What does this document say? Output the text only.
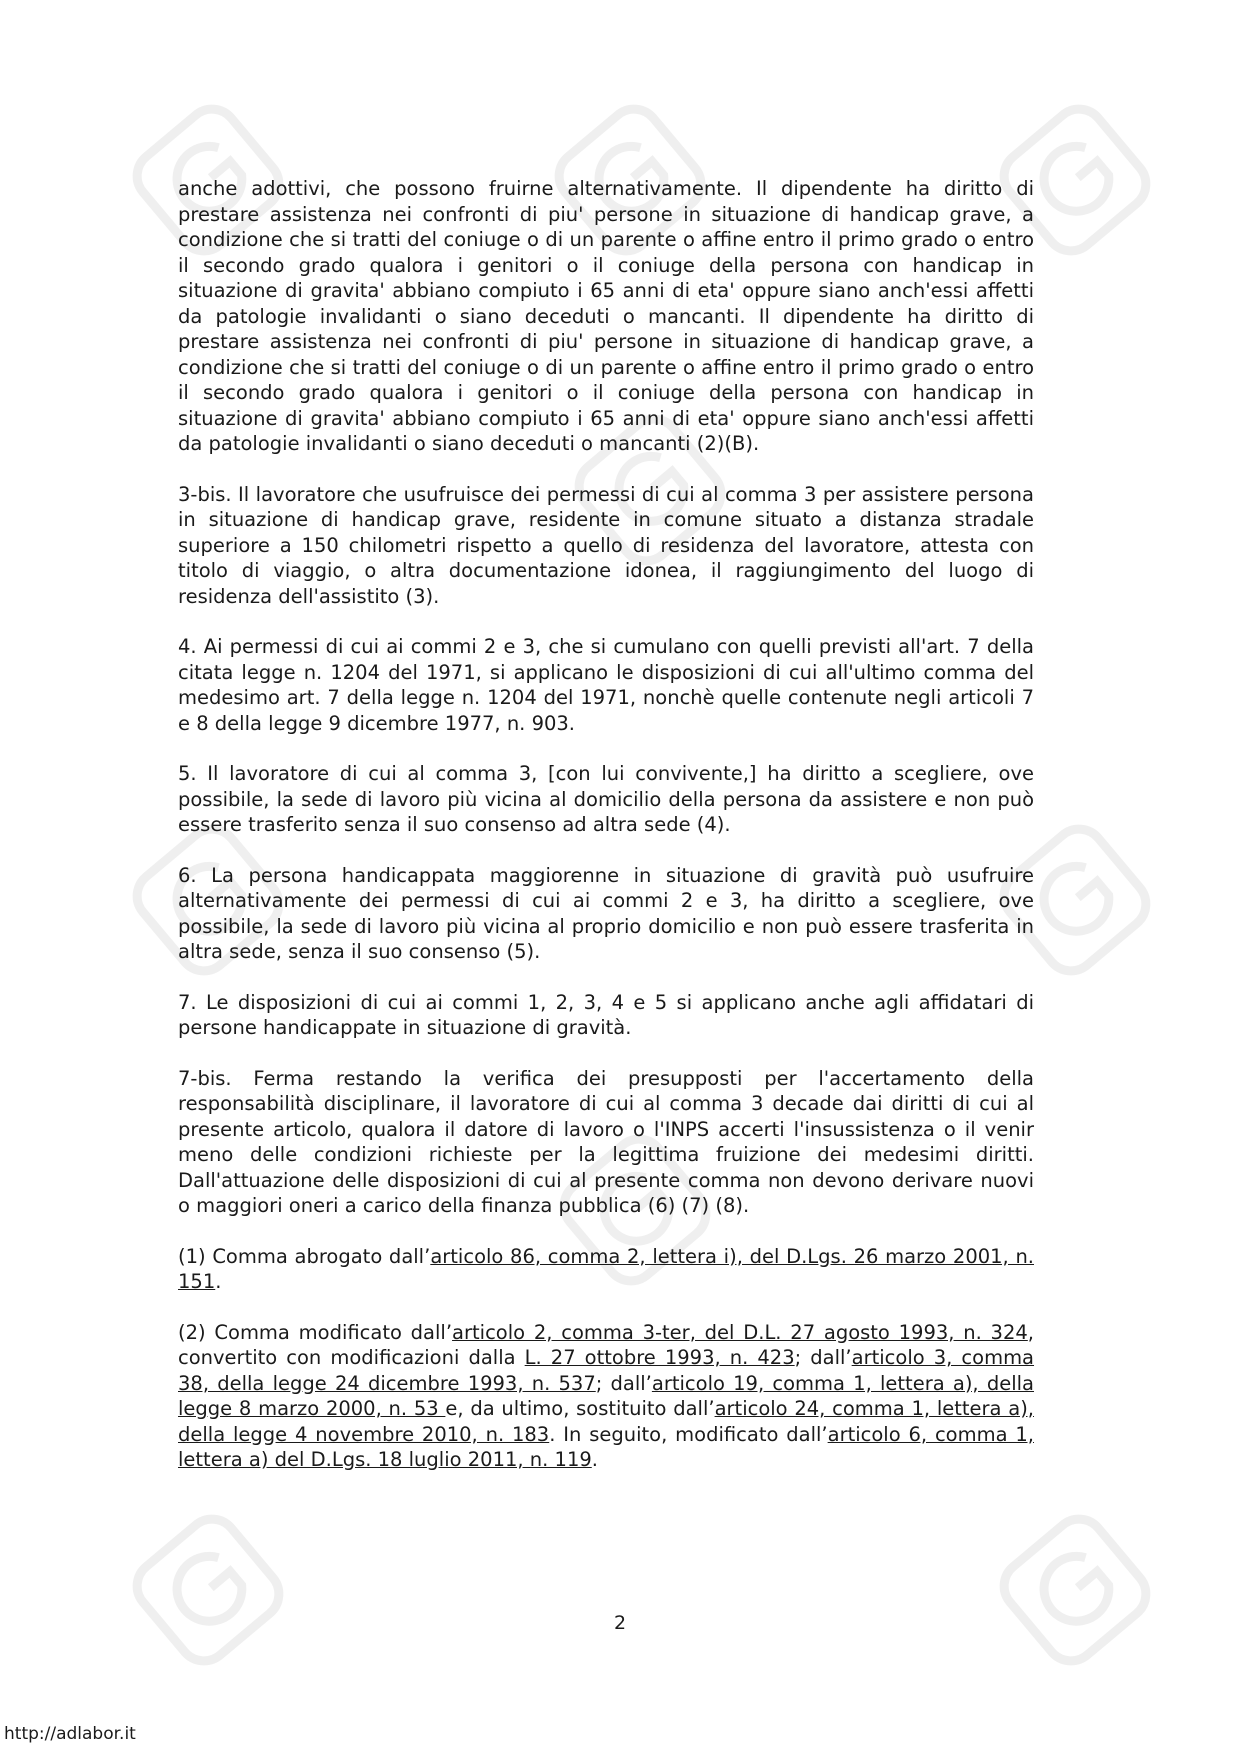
anche adottivi, che possono fruirne alternativamente. Il dipendente ha diritto di prestare assistenza nei confronti di piu' persone in situazione di handicap grave, a condizione che si tratti del coniuge o di un parente o affine entro il primo grado o entro il secondo grado qualora i genitori o il coniuge della persona con handicap in situazione di gravita' abbiano compiuto i 65 anni di eta' oppure siano anch'essi affetti da patologie invalidanti o siano deceduti o mancanti. Il dipendente ha diritto di prestare assistenza nei confronti di piu' persone in situazione di handicap grave, a condizione che si tratti del coniuge o di un parente o affine entro il primo grado o entro il secondo grado qualora i genitori o il coniuge della persona con handicap in situazione di gravita' abbiano compiuto i 65 anni di eta' oppure siano anch'essi affetti da patologie invalidanti o siano deceduti o mancanti (2)(B).

3-bis. Il lavoratore che usufruisce dei permessi di cui al comma 3 per assistere persona in situazione di handicap grave, residente in comune situato a distanza stradale superiore a 150 chilometri rispetto a quello di residenza del lavoratore, attesta con titolo di viaggio, o altra documentazione idonea, il raggiungimento del luogo di residenza dell'assistito (3).

4. Ai permessi di cui ai commi 2 e 3, che si cumulano con quelli previsti all'art. 7 della citata legge n. 1204 del 1971, si applicano le disposizioni di cui all'ultimo comma del medesimo art. 7 della legge n. 1204 del 1971, nonchè quelle contenute negli articoli 7 e 8 della legge 9 dicembre 1977, n. 903.

5. Il lavoratore di cui al comma 3, [con lui convivente,] ha diritto a scegliere, ove possibile, la sede di lavoro più vicina al domicilio della persona da assistere e non può essere trasferito senza il suo consenso ad altra sede (4).

6. La persona handicappata maggiorenne in situazione di gravità può usufruire alternativamente dei permessi di cui ai commi 2 e 3, ha diritto a scegliere, ove possibile, la sede di lavoro più vicina al proprio domicilio e non può essere trasferita in altra sede, senza il suo consenso (5).

7. Le disposizioni di cui ai commi 1, 2, 3, 4 e 5 si applicano anche agli affidatari di persone handicappate in situazione di gravità.

7-bis. Ferma restando la verifica dei presupposti per l'accertamento della responsabilità disciplinare, il lavoratore di cui al comma 3 decade dai diritti di cui al presente articolo, qualora il datore di lavoro o l'INPS accerti l'insussistenza o il venir meno delle condizioni richieste per la legittima fruizione dei medesimi diritti. Dall'attuazione delle disposizioni di cui al presente comma non devono derivare nuovi o maggiori oneri a carico della finanza pubblica (6) (7) (8).

(1) Comma abrogato dall’articolo 86, comma 2, lettera i), del D.Lgs. 26 marzo 2001, n. 151.

(2) Comma modificato dall’articolo 2, comma 3-ter, del D.L. 27 agosto 1993, n. 324, convertito con modificazioni dalla L. 27 ottobre 1993, n. 423; dall’articolo 3, comma 38, della legge 24 dicembre 1993, n. 537; dall’articolo 19, comma 1, lettera a), della legge 8 marzo 2000, n. 53 e, da ultimo, sostituito dall’articolo 24, comma 1, lettera a), della legge 4 novembre 2010, n. 183. In seguito, modificato dall’articolo 6, comma 1, lettera a) del D.Lgs. 18 luglio 2011, n. 119.

2
http://adlabor.it
